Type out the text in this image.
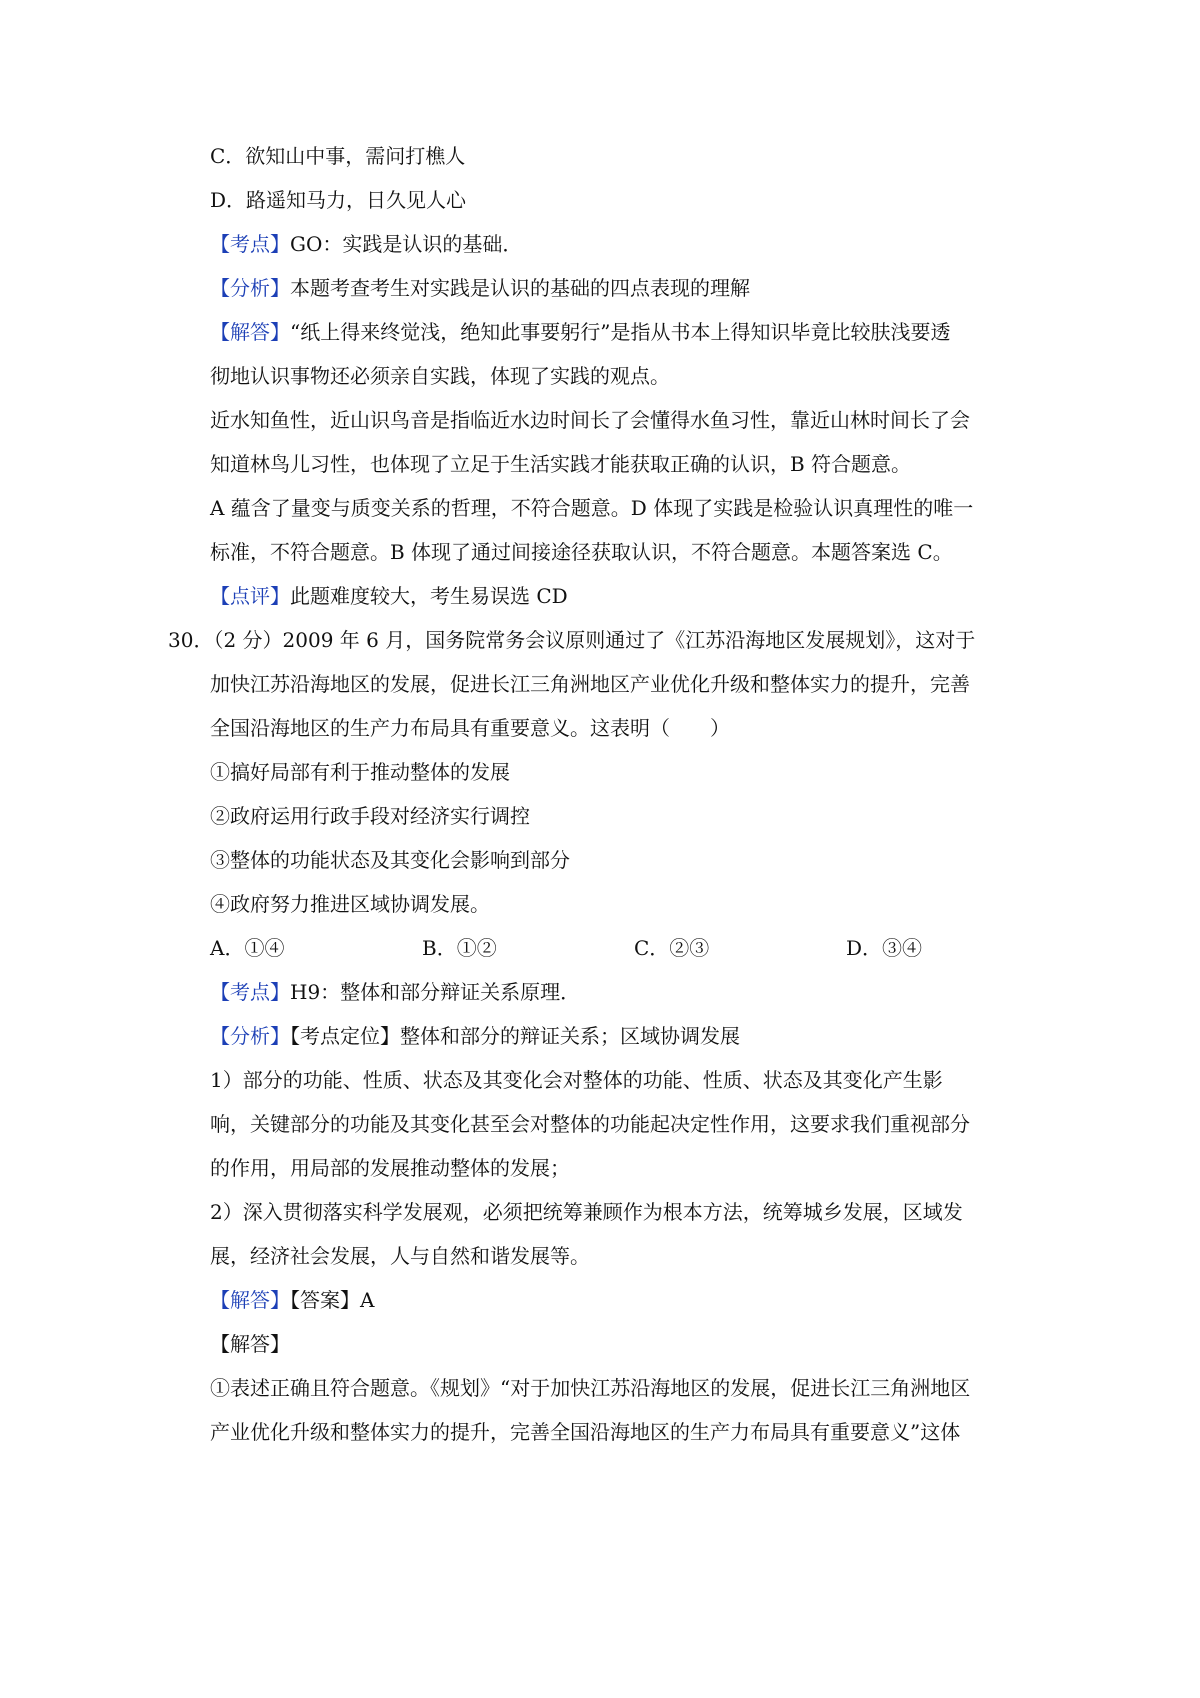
C．欲知山中事，需问打樵人
D．路遥知马力，日久见人心
【考点】GO：实践是认识的基础．
【分析】本题考查考生对实践是认识的基础的四点表现的理解
【解答】“纸上得来终觉浅，绝知此事要躬行”是指从书本上得知识毕竟比较肤浅要透
彻地认识事物还必须亲自实践，体现了实践的观点。
近水知鱼性，近山识鸟音是指临近水边时间长了会懂得水鱼习性，靠近山林时间长了会
知道林鸟儿习性，也体现了立足于生活实践才能获取正确的认识，B 符合题意。
A 蕴含了量变与质变关系的哲理，不符合题意。D 体现了实践是检验认识真理性的唯一
标准，不符合题意。B 体现了通过间接途径获取认识，不符合题意。本题答案选 C。
【点评】此题难度较大，考生易误选 CD
30．（2 分）2009 年 6 月，国务院常务会议原则通过了《江苏沿海地区发展规划》，这对于
加快江苏沿海地区的发展，促进长江三角洲地区产业优化升级和整体实力的提升，完善
全国沿海地区的生产力布局具有重要意义。这表明（　　）
①搞好局部有利于推动整体的发展
②政府运用行政手段对经济实行调控
③整体的功能状态及其变化会影响到部分
④政府努力推进区域协调发展。
A．①④	B．①②	C．②③	D．③④
【考点】H9：整体和部分辩证关系原理．
【分析】【考点定位】整体和部分的辩证关系；区域协调发展
1）部分的功能、性质、状态及其变化会对整体的功能、性质、状态及其变化产生影
响，关键部分的功能及其变化甚至会对整体的功能起决定性作用，这要求我们重视部分
的作用，用局部的发展推动整体的发展；
2）深入贯彻落实科学发展观，必须把统筹兼顾作为根本方法，统筹城乡发展，区域发
展，经济社会发展，人与自然和谐发展等。
【解答】【答案】A
【解答】
①表述正确且符合题意。《规划》“对于加快江苏沿海地区的发展，促进长江三角洲地区
产业优化升级和整体实力的提升，完善全国沿海地区的生产力布局具有重要意义”这体
